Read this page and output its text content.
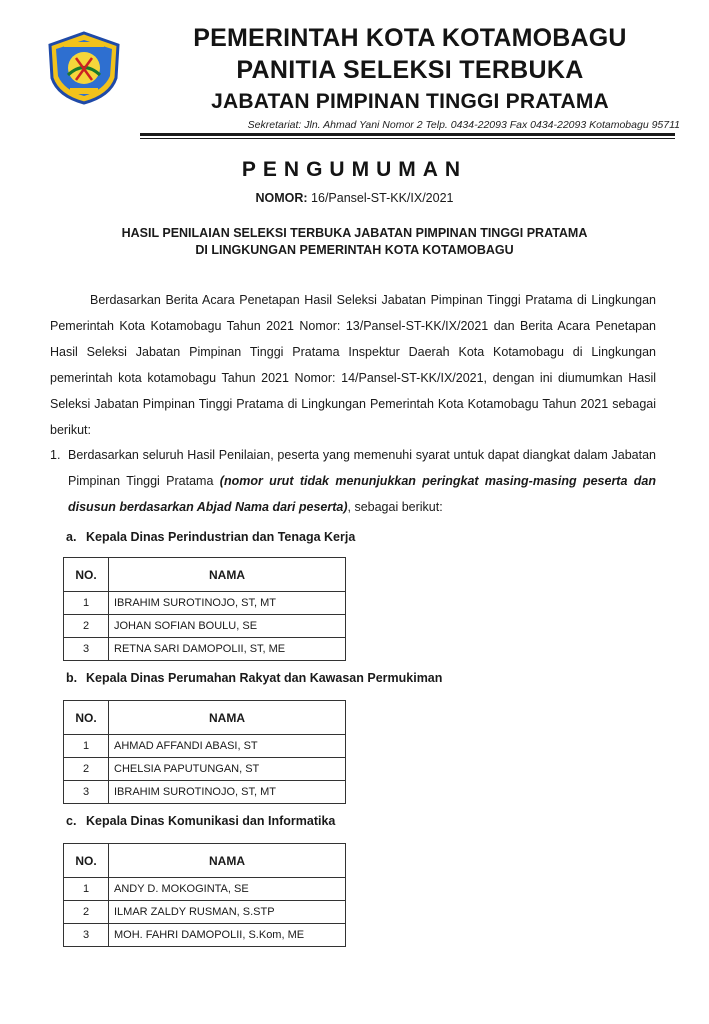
PEMERINTAH KOTA KOTAMOBAGU
PANITIA SELEKSI TERBUKA
JABATAN PIMPINAN TINGGI PRATAMA
Sekretariat: Jln. Ahmad Yani Nomor 2 Telp. 0434-22093 Fax 0434-22093 Kotamobagu 95711
PENGUMUMAN
NOMOR: 16/Pansel-ST-KK/IX/2021
HASIL PENILAIAN SELEKSI TERBUKA JABATAN PIMPINAN TINGGI PRATAMA
DI LINGKUNGAN PEMERINTAH KOTA KOTAMOBAGU
Berdasarkan Berita Acara Penetapan Hasil Seleksi Jabatan Pimpinan Tinggi Pratama di Lingkungan Pemerintah Kota Kotamobagu Tahun 2021 Nomor: 13/Pansel-ST-KK/IX/2021 dan Berita Acara Penetapan Hasil Seleksi Jabatan Pimpinan Tinggi Pratama Inspektur Daerah Kota Kotamobagu di Lingkungan pemerintah kota kotamobagu Tahun 2021 Nomor: 14/Pansel-ST-KK/IX/2021, dengan ini diumumkan Hasil Seleksi Jabatan Pimpinan Tinggi Pratama di Lingkungan Pemerintah Kota Kotamobagu Tahun 2021 sebagai berikut:
1. Berdasarkan seluruh Hasil Penilaian, peserta yang memenuhi syarat untuk dapat diangkat dalam Jabatan Pimpinan Tinggi Pratama (nomor urut tidak menunjukkan peringkat masing-masing peserta dan disusun berdasarkan Abjad Nama dari peserta), sebagai berikut:
a. Kepala Dinas Perindustrian dan Tenaga Kerja
NO.	NAMA
1	IBRAHIM SUROTINOJO, ST, MT
2	JOHAN SOFIAN BOULU, SE
3	RETNA SARI DAMOPOLII, ST, ME
b. Kepala Dinas Perumahan Rakyat dan Kawasan Permukiman
NO.	NAMA
1	AHMAD AFFANDI ABASI, ST
2	CHELSIA PAPUTUNGAN, ST
3	IBRAHIM SUROTINOJO, ST, MT
c. Kepala Dinas Komunikasi dan Informatika
NO.	NAMA
1	ANDY D. MOKOGINTA, SE
2	ILMAR ZALDY RUSMAN, S.STP
3	MOH. FAHRI DAMOPOLII, S.Kom, ME
